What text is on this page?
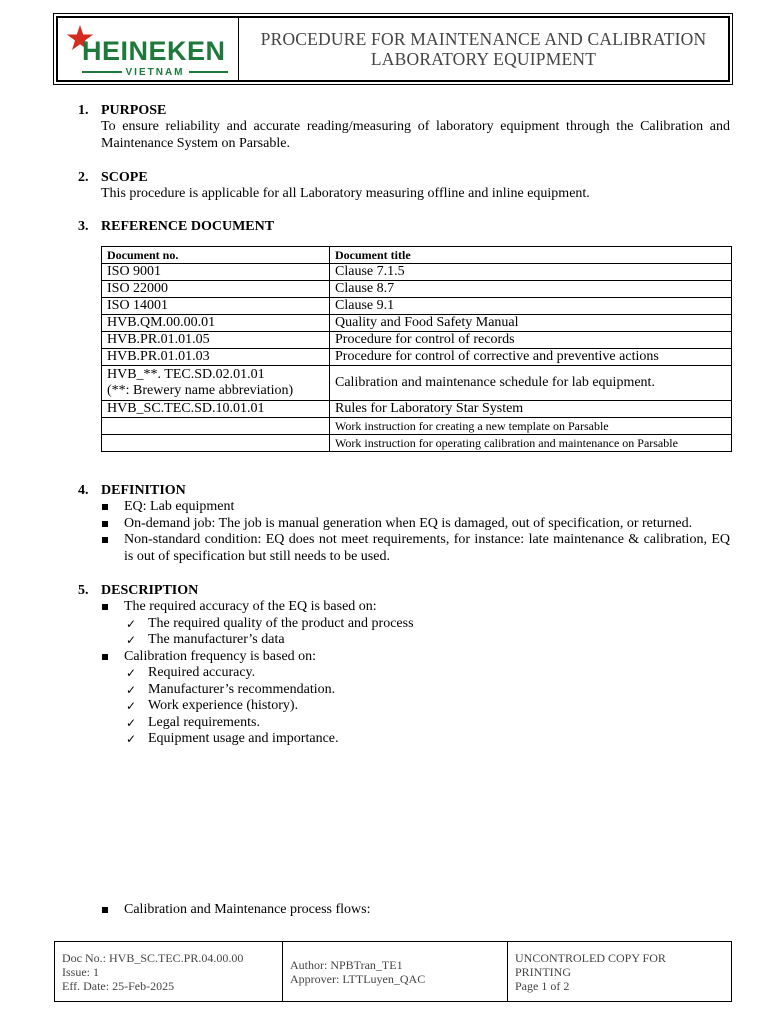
HEINEKEN
VIETNAM
PROCEDURE FOR MAINTENANCE AND CALIBRATION
LABORATORY EQUIPMENT
1. PURPOSE
To ensure reliability and accurate reading/measuring of laboratory equipment through the Calibration and Maintenance System on Parsable.
2. SCOPE
This procedure is applicable for all Laboratory measuring offline and inline equipment.
3. REFERENCE DOCUMENT
Document no.	Document title
ISO 9001	Clause 7.1.5
ISO 22000	Clause 8.7
ISO 14001	Clause 9.1
HVB.QM.00.00.01	Quality and Food Safety Manual
HVB.PR.01.01.05	Procedure for control of records
HVB.PR.01.01.03	Procedure for control of corrective and preventive actions

HVB_**. TEC.SD.02.01.01
(**: Brewery name abbreviation)	Calibration and maintenance schedule for lab equipment.
HVB_SC.TEC.SD.10.01.01	Rules for Laboratory Star System
	Work instruction for creating a new template on Parsable
	Work instruction for operating calibration and maintenance on Parsable
4. DEFINITION
EQ: Lab equipment
On-demand job: The job is manual generation when EQ is damaged, out of specification, or returned.
Non-standard condition: EQ does not meet requirements, for instance: late maintenance & calibration, EQ is out of specification but still needs to be used.
5. DESCRIPTION
The required accuracy of the EQ is based on:
✓ The required quality of the product and process
✓ The manufacturer’s data
Calibration frequency is based on:
✓ Required accuracy.
✓ Manufacturer’s recommendation.
✓ Work experience (history).
✓ Legal requirements.
✓ Equipment usage and importance.
Calibration and Maintenance process flows:
Doc No.: HVB_SC.TEC.PR.04.00.00
Issue: 1
Eff. Date: 25-Feb-2025
Author: NPBTran_TE1
Approver: LTTLuyen_QAC
UNCONTROLED COPY FOR PRINTING
Page 1 of 2
